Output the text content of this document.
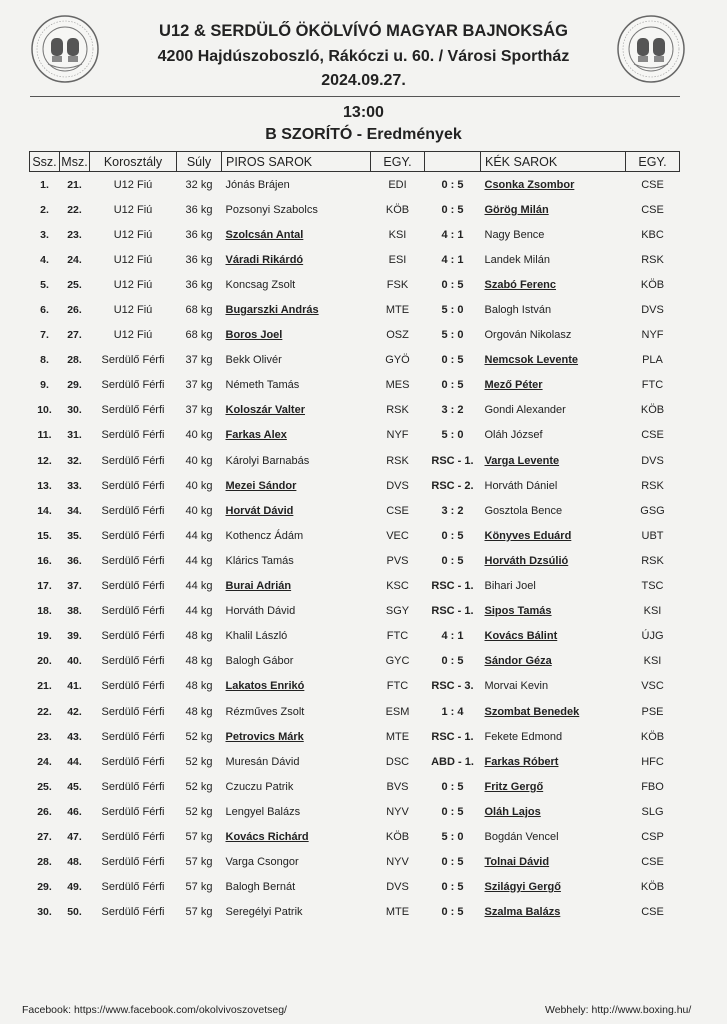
U12 & SERDÜLŐ ÖKÖLVÍVÓ MAGYAR BAJNOKSÁG
4200 Hajdúszoboszló, Rákóczi u. 60. / Városi Sportház
2024.09.27.
13:00
B SZORÍTÓ - Eredmények
Ssz.	Msz.	Korosztály	Súly	PIROS SAROK	EGY.		KÉK SAROK	EGY.
1.	21.	U12 Fiú	32 kg	Jónás Brájen	EDI	0 : 5	Csonka Zsombor	CSE
2.	22.	U12 Fiú	36 kg	Pozsonyi Szabolcs	KÖB	0 : 5	Görög Milán	CSE
3.	23.	U12 Fiú	36 kg	Szolcsán Antal	KSI	4 : 1	Nagy Bence	KBC
4.	24.	U12 Fiú	36 kg	Váradi Rikárdó	ESI	4 : 1	Landek Milán	RSK
5.	25.	U12 Fiú	36 kg	Koncsag Zsolt	FSK	0 : 5	Szabó Ferenc	KÖB
6.	26.	U12 Fiú	68 kg	Bugarszki András	MTE	5 : 0	Balogh István	DVS
7.	27.	U12 Fiú	68 kg	Boros Joel	OSZ	5 : 0	Orgován Nikolasz	NYF
8.	28.	Serdülő Férfi	37 kg	Bekk Olivér	GYÖ	0 : 5	Nemcsok Levente	PLA
9.	29.	Serdülő Férfi	37 kg	Németh Tamás	MES	0 : 5	Mező Péter	FTC
10.	30.	Serdülő Férfi	37 kg	Koloszár Valter	RSK	3 : 2	Gondi Alexander	KÖB
11.	31.	Serdülő Férfi	40 kg	Farkas Alex	NYF	5 : 0	Oláh József	CSE
12.	32.	Serdülő Férfi	40 kg	Károlyi Barnabás	RSK	RSC - 1.	Varga Levente	DVS
13.	33.	Serdülő Férfi	40 kg	Mezei Sándor	DVS	RSC - 2.	Horváth Dániel	RSK
14.	34.	Serdülő Férfi	40 kg	Horvát Dávid	CSE	3 : 2	Gosztola Bence	GSG
15.	35.	Serdülő Férfi	44 kg	Kothencz Ádám	VEC	0 : 5	Könyves Eduárd	UBT
16.	36.	Serdülő Férfi	44 kg	Klárics Tamás	PVS	0 : 5	Horváth Dzsúlió	RSK
17.	37.	Serdülő Férfi	44 kg	Burai Adrián	KSC	RSC - 1.	Bihari Joel	TSC
18.	38.	Serdülő Férfi	44 kg	Horváth Dávid	SGY	RSC - 1.	Sipos Tamás	KSI
19.	39.	Serdülő Férfi	48 kg	Khalil László	FTC	4 : 1	Kovács Bálint	ÚJG
20.	40.	Serdülő Férfi	48 kg	Balogh Gábor	GYC	0 : 5	Sándor Géza	KSI
21.	41.	Serdülő Férfi	48 kg	Lakatos Enrikó	FTC	RSC - 3.	Morvai Kevin	VSC
22.	42.	Serdülő Férfi	48 kg	Rézműves Zsolt	ESM	1 : 4	Szombat Benedek	PSE
23.	43.	Serdülő Férfi	52 kg	Petrovics Márk	MTE	RSC - 1.	Fekete Edmond	KÖB
24.	44.	Serdülő Férfi	52 kg	Muresán Dávid	DSC	ABD - 1.	Farkas Róbert	HFC
25.	45.	Serdülő Férfi	52 kg	Czuczu Patrik	BVS	0 : 5	Fritz Gergő	FBO
26.	46.	Serdülő Férfi	52 kg	Lengyel Balázs	NYV	0 : 5	Oláh Lajos	SLG
27.	47.	Serdülő Férfi	57 kg	Kovács Richárd	KÖB	5 : 0	Bogdán Vencel	CSP
28.	48.	Serdülő Férfi	57 kg	Varga Csongor	NYV	0 : 5	Tolnai Dávid	CSE
29.	49.	Serdülő Férfi	57 kg	Balogh Bernát	DVS	0 : 5	Szilágyi Gergő	KÖB
30.	50.	Serdülő Férfi	57 kg	Seregélyi Patrik	MTE	0 : 5	Szalma Balázs	CSE
Facebook: https://www.facebook.com/okolvivoszovetseg/	Webhely: http://www.boxing.hu/
